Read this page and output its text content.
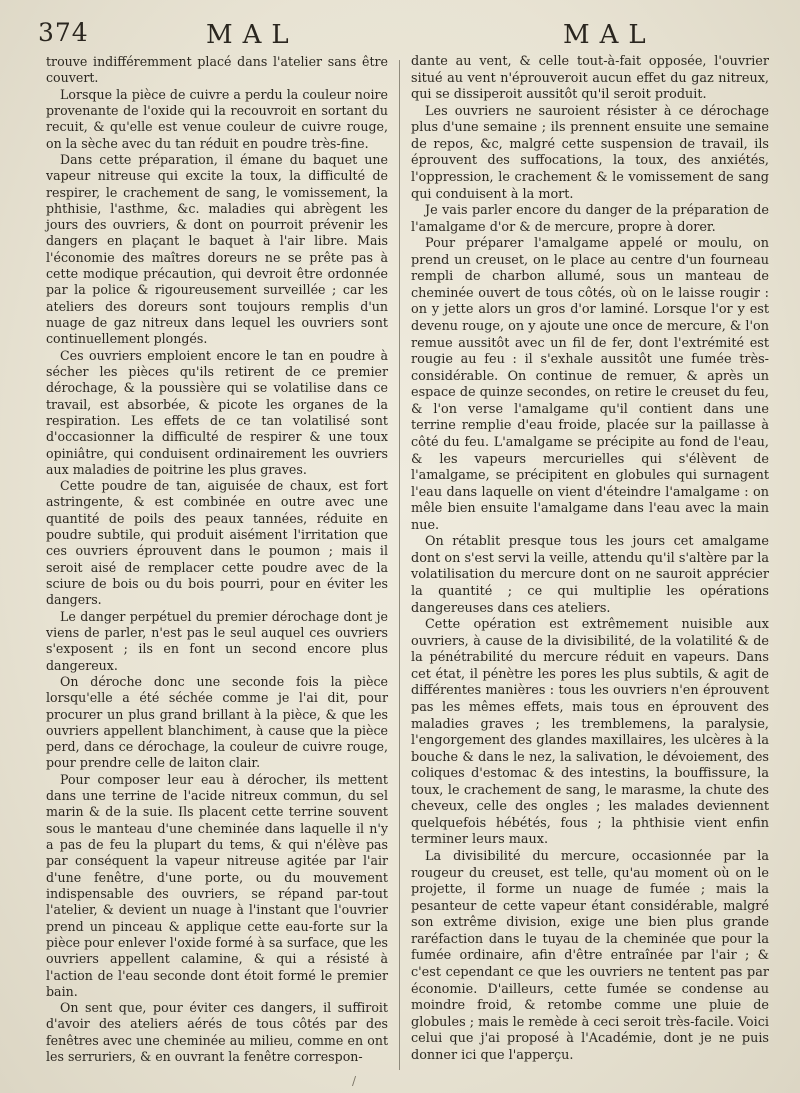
374	MAL	MAL

trouve indifféremment placé dans l'atelier sans être couvert.

Lorsque la pièce de cuivre a perdu la couleur noire provenante de l'oxide qui la recouvroit en sortant du recuit, & qu'elle est venue couleur de cuivre rouge, on la sèche avec du tan réduit en poudre très-fine.

Dans cette préparation, il émane du baquet une vapeur nitreuse qui excite la toux, la difficulté de respirer, le crachement de sang, le vomissement, la phthisie, l'asthme, &c. maladies qui abrègent les jours des ouvriers, & dont on pourroit prévenir les dangers en plaçant le baquet à l'air libre. Mais l'économie des maîtres doreurs ne se prête pas à cette modique précaution, qui devroit être ordonnée par la police & rigoureusement surveillée ; car les ateliers des doreurs sont toujours remplis d'un nuage de gaz nitreux dans lequel les ouvriers sont continuellement plongés.

Ces ouvriers emploient encore le tan en poudre à sécher les pièces qu'ils retirent de ce premier dérochage, & la poussière qui se volatilise dans ce travail, est absorbée, & picote les organes de la respiration. Les effets de ce tan volatilisé sont d'occasionner la difficulté de respirer & une toux opiniâtre, qui conduisent ordinairement les ouvriers aux maladies de poitrine les plus graves.

Cette poudre de tan, aiguisée de chaux, est fort astringente, & est combinée en outre avec une quantité de poils des peaux tannées, réduite en poudre subtile, qui produit aisément l'irritation que ces ouvriers éprouvent dans le poumon ; mais il seroit aisé de remplacer cette poudre avec de la sciure de bois ou du bois pourri, pour en éviter les dangers.

Le danger perpétuel du premier dérochage dont je viens de parler, n'est pas le seul auquel ces ouvriers s'exposent ; ils en font un second encore plus dangereux.

On déroche donc une seconde fois la pièce lorsqu'elle a été séchée comme je l'ai dit, pour procurer un plus grand brillant à la pièce, & que les ouvriers appellent blanchiment, à cause que la pièce perd, dans ce dérochage, la couleur de cuivre rouge, pour prendre celle de laiton clair.

Pour composer leur eau à dérocher, ils mettent dans une terrine de l'acide nitreux commun, du sel marin & de la suie. Ils placent cette terrine souvent sous le manteau d'une cheminée dans laquelle il n'y a pas de feu la plupart du tems, & qui n'élève pas par conséquent la vapeur nitreuse agitée par l'air d'une fenêtre, d'une porte, ou du mouvement indispensable des ouvriers, se répand par-tout l'atelier, & devient un nuage à l'instant que l'ouvrier prend un pinceau & applique cette eau-forte sur la pièce pour enlever l'oxide formé à sa surface, que les ouvriers appellent calamine, & qui a résisté à l'action de l'eau seconde dont étoit formé le premier bain.

On sent que, pour éviter ces dangers, il suffiroit d'avoir des ateliers aérés de tous côtés par des fenêtres avec une cheminée au milieu, comme en ont les serruriers, & en ouvrant la fenêtre correspon-

dante au vent, & celle tout-à-fait opposée, l'ouvrier situé au vent n'éprouveroit aucun effet du gaz nitreux, qui se dissiperoit aussitôt qu'il seroit produit.

Les ouvriers ne sauroient résister à ce dérochage plus d'une semaine ; ils prennent ensuite une semaine de repos, &c, malgré cette suspension de travail, ils éprouvent des suffocations, la toux, des anxiétés, l'oppression, le crachement & le vomissement de sang qui conduisent à la mort.

Je vais parler encore du danger de la préparation de l'amalgame d'or & de mercure, propre à dorer.

Pour préparer l'amalgame appelé or moulu, on prend un creuset, on le place au centre d'un fourneau rempli de charbon allumé, sous un manteau de cheminée ouvert de tous côtés, où on le laisse rougir : on y jette alors un gros d'or laminé. Lorsque l'or y est devenu rouge, on y ajoute une once de mercure, & l'on remue aussitôt avec un fil de fer, dont l'extrémité est rougie au feu : il s'exhale aussitôt une fumée très-considérable. On continue de remuer, & après un espace de quinze secondes, on retire le creuset du feu, & l'on verse l'amalgame qu'il contient dans une terrine remplie d'eau froide, placée sur la paillasse à côté du feu. L'amalgame se précipite au fond de l'eau, & les vapeurs mercurielles qui s'élèvent de l'amalgame, se précipitent en globules qui surnagent l'eau dans laquelle on vient d'éteindre l'amalgame : on mêle bien ensuite l'amalgame dans l'eau avec la main nue.

On rétablit presque tous les jours cet amalgame dont on s'est servi la veille, attendu qu'il s'altère par la volatilisation du mercure dont on ne sauroit apprécier la quantité ; ce qui multiplie les opérations dangereuses dans ces ateliers.

Cette opération est extrêmement nuisible aux ouvriers, à cause de la divisibilité, de la volatilité & de la pénétrabilité du mercure réduit en vapeurs. Dans cet état, il pénètre les pores les plus subtils, & agit de différentes manières : tous les ouvriers n'en éprouvent pas les mêmes effets, mais tous en éprouvent des maladies graves ; les tremblemens, la paralysie, l'engorgement des glandes maxillaires, les ulcères à la bouche & dans le nez, la salivation, le dévoiement, des coliques d'estomac & des intestins, la bouffissure, la toux, le crachement de sang, le marasme, la chute des cheveux, celle des ongles ; les malades deviennent quelquefois hébétés, fous ; la phthisie vient enfin terminer leurs maux.

La divisibilité du mercure, occasionnée par la rougeur du creuset, est telle, qu'au moment où on le projette, il forme un nuage de fumée ; mais la pesanteur de cette vapeur étant considérable, malgré son extrême division, exige une bien plus grande raréfaction dans le tuyau de la cheminée que pour la fumée ordinaire, afin d'être entraînée par l'air ; & c'est cependant ce que les ouvriers ne tentent pas par économie. D'ailleurs, cette fumée se condense au moindre froid, & retombe comme une pluie de globules ; mais le remède à ceci seroit très-facile. Voici celui que j'ai proposé à l'Académie, dont je ne puis donner ici que l'apperçu.

/
